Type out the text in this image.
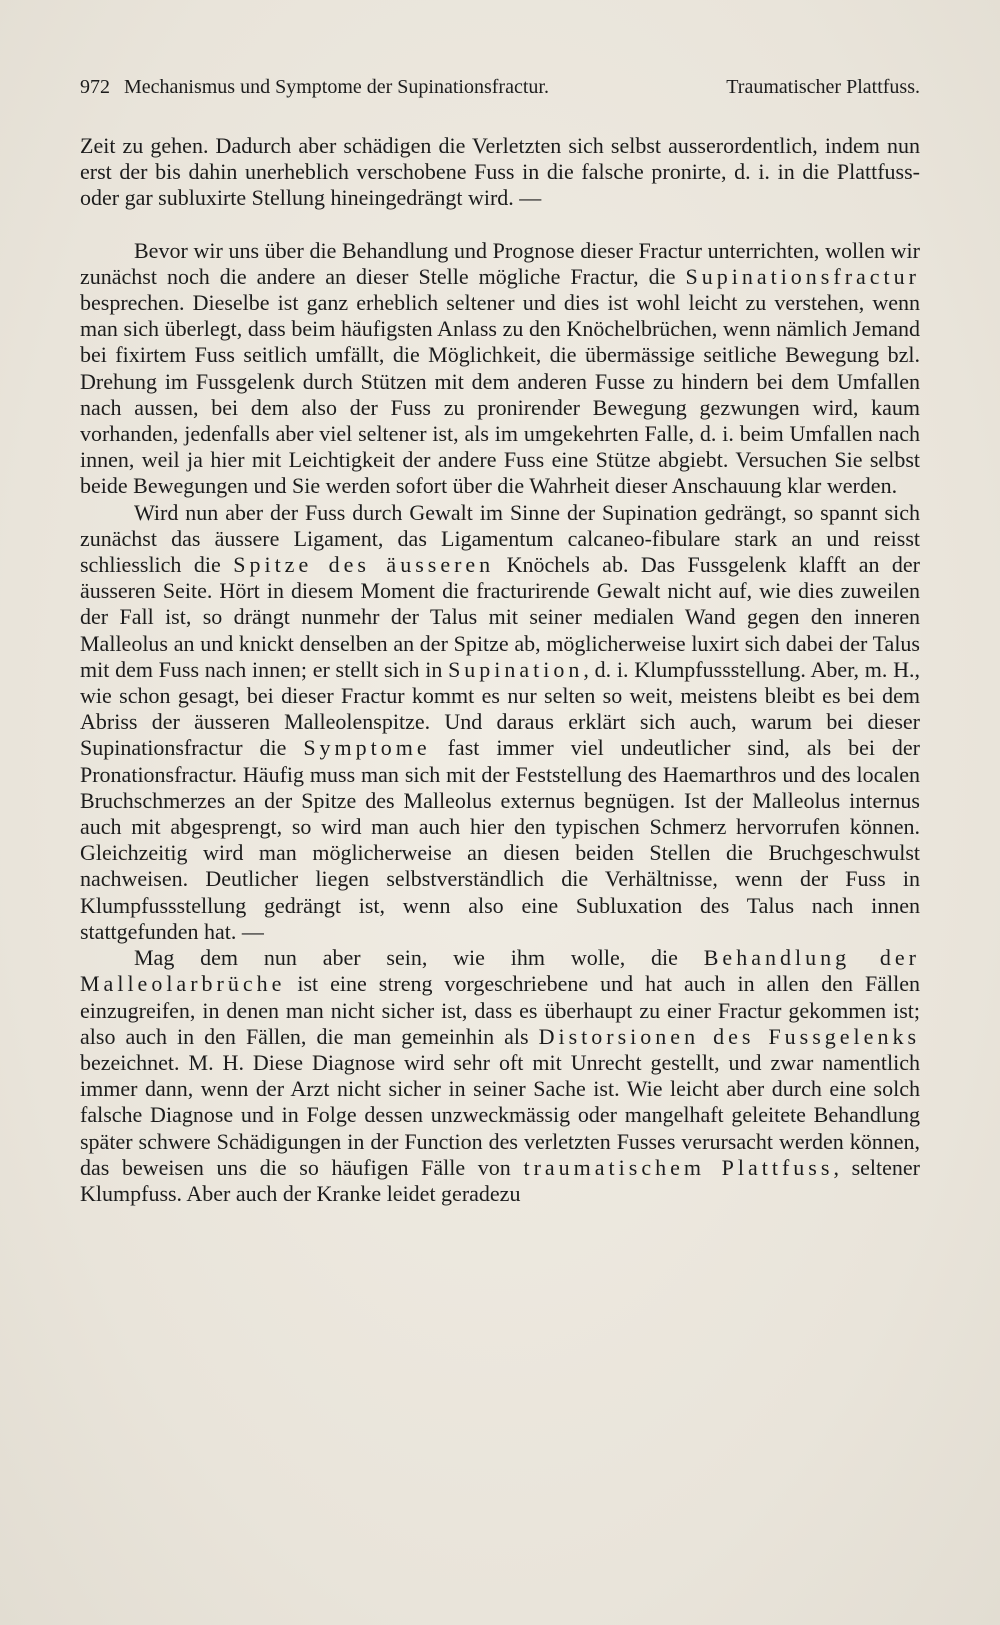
972 Mechanismus und Symptome der Supinationsfractur.	Traumatischer Plattfuss.

Zeit zu gehen. Dadurch aber schädigen die Verletzten sich selbst ausserordentlich, indem nun erst der bis dahin unerheblich verschobene Fuss in die falsche pronirte, d. i. in die Plattfuss- oder gar subluxirte Stellung hineingedrängt wird. —

Bevor wir uns über die Behandlung und Prognose dieser Fractur unterrichten, wollen wir zunächst noch die andere an dieser Stelle mögliche Fractur, die Supinationsfractur besprechen. Dieselbe ist ganz erheblich seltener und dies ist wohl leicht zu verstehen, wenn man sich überlegt, dass beim häufigsten Anlass zu den Knöchelbrüchen, wenn nämlich Jemand bei fixirtem Fuss seitlich umfällt, die Möglichkeit, die übermässige seitliche Bewegung bzl. Drehung im Fussgelenk durch Stützen mit dem anderen Fusse zu hindern bei dem Umfallen nach aussen, bei dem also der Fuss zu pronirender Bewegung gezwungen wird, kaum vorhanden, jedenfalls aber viel seltener ist, als im umgekehrten Falle, d. i. beim Umfallen nach innen, weil ja hier mit Leichtigkeit der andere Fuss eine Stütze abgiebt. Versuchen Sie selbst beide Bewegungen und Sie werden sofort über die Wahrheit dieser Anschauung klar werden.

Wird nun aber der Fuss durch Gewalt im Sinne der Supination gedrängt, so spannt sich zunächst das äussere Ligament, das Ligamentum calcaneo-fibulare stark an und reisst schliesslich die Spitze des äusseren Knöchels ab. Das Fussgelenk klafft an der äusseren Seite. Hört in diesem Moment die fracturirende Gewalt nicht auf, wie dies zuweilen der Fall ist, so drängt nunmehr der Talus mit seiner medialen Wand gegen den inneren Malleolus an und knickt denselben an der Spitze ab, möglicherweise luxirt sich dabei der Talus mit dem Fuss nach innen; er stellt sich in Supination, d. i. Klumpfussstellung. Aber, m. H., wie schon gesagt, bei dieser Fractur kommt es nur selten so weit, meistens bleibt es bei dem Abriss der äusseren Malleolenspitze. Und daraus erklärt sich auch, warum bei dieser Supinationsfractur die Symptome fast immer viel undeutlicher sind, als bei der Pronationsfractur. Häufig muss man sich mit der Feststellung des Haemarthros und des localen Bruchschmerzes an der Spitze des Malleolus externus begnügen. Ist der Malleolus internus auch mit abgesprengt, so wird man auch hier den typischen Schmerz hervorrufen können. Gleichzeitig wird man möglicherweise an diesen beiden Stellen die Bruchgeschwulst nachweisen. Deutlicher liegen selbstverständlich die Verhältnisse, wenn der Fuss in Klumpfussstellung gedrängt ist, wenn also eine Subluxation des Talus nach innen stattgefunden hat. —

Mag dem nun aber sein, wie ihm wolle, die Behandlung der Malleolarbrüche ist eine streng vorgeschriebene und hat auch in allen den Fällen einzugreifen, in denen man nicht sicher ist, dass es überhaupt zu einer Fractur gekommen ist; also auch in den Fällen, die man gemeinhin als Distorsionen des Fussgelenks bezeichnet. M. H. Diese Diagnose wird sehr oft mit Unrecht gestellt, und zwar namentlich immer dann, wenn der Arzt nicht sicher in seiner Sache ist. Wie leicht aber durch eine solch falsche Diagnose und in Folge dessen unzweckmässig oder mangelhaft geleitete Behandlung später schwere Schädigungen in der Function des verletzten Fusses verursacht werden können, das beweisen uns die so häufigen Fälle von traumatischem Plattfuss, seltener Klumpfuss. Aber auch der Kranke leidet geradezu
